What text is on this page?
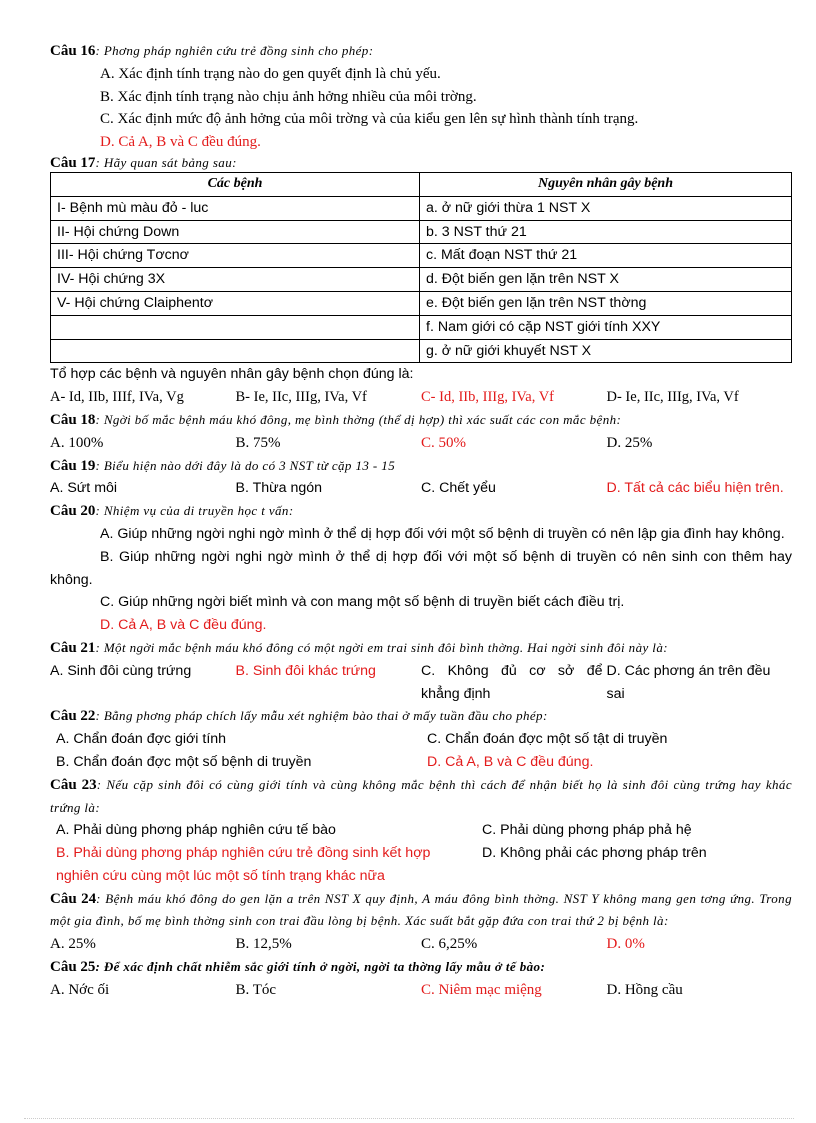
Câu 16: Phơng pháp nghiên cứu trẻ đồng sinh cho phép:
A. Xác định tính trạng nào do gen quyết định là chủ yếu.
B. Xác định tính trạng nào chịu ảnh hởng nhiều của môi trờng.
C. Xác định mức độ ảnh hởng của môi trờng và của kiểu gen lên sự hình thành tính trạng.
D. Cả A, B và C đều đúng.
Câu 17: Hãy quan sát bảng sau:
Các bệnh	Nguyên nhân gây bệnh
I- Bệnh mù màu đỏ - luc	a. ở nữ giới thừa 1 NST X
II- Hội chứng Down	b. 3 NST thứ 21
III- Hội chứng Tơcnơ	c. Mất đoạn NST thứ 21
IV- Hội chứng 3X	d. Đột biến gen lặn trên NST X
V- Hội chứng Claiphentơ	e. Đột biến gen lặn trên NST thờng
	f. Nam giới có cặp NST giới tính XXY
	g. ở nữ giới khuyết NST X
Tổ hợp các bệnh và nguyên nhân gây bệnh chọn đúng là:
A- Id, IIb, IIIf, IVa, Vg	B- Ie, IIc, IIIg, IVa, Vf	C- Id, IIb, IIIg, IVa, Vf	D- Ie, IIc, IIIg, IVa, Vf
Câu 18: Ngời bố mắc bệnh máu khó đông, mẹ bình thờng (thể dị hợp) thì xác suất các con mắc bệnh:
A. 100%	B. 75%	C. 50%	D. 25%
Câu 19: Biểu hiện nào dới đây là do có 3 NST từ cặp 13 - 15
A. Sứt môi	B. Thừa ngón	C. Chết yểu	D. Tất cả các biểu hiện trên.
Câu 20: Nhiệm vụ của di truyền học t vấn:
A. Giúp những ngời nghi ngờ mình ở thể dị hợp đối với một số bệnh di truyền có nên lập gia đình hay không.
B. Giúp những ngời nghi ngờ mình ở thể dị hợp đối với một số bệnh di truyền có nên sinh con thêm hay không.
C. Giúp những ngời biết mình và con mang một số bệnh di truyền biết cách điều trị.
D. Cả A, B và C đều đúng.
Câu 21: Một ngời mắc bệnh máu khó đông có một ngời em trai sinh đôi bình thờng. Hai ngời sinh đôi này là:
A. Sinh đôi cùng trứng	B. Sinh đôi khác trứng	C. Không đủ cơ sở để khẳng định
D. Các phơng án trên đều sai
Câu 22: Bằng phơng pháp chích lấy mẫu xét nghiệm bào thai ở mấy tuần đầu cho phép:
A. Chẩn đoán đợc giới tính	C. Chẩn đoán đợc một số tật di truyền
B. Chẩn đoán đợc một số bệnh di truyền	D. Cả A, B và C đều đúng.
Câu 23: Nếu cặp sinh đôi có cùng giới tính và cùng không mắc bệnh thì cách để nhận biết họ là sinh đôi cùng trứng hay khác trứng là:
A. Phải dùng phơng pháp nghiên cứu tế bào	C. Phải dùng phơng pháp phả hệ
B. Phải dùng phơng pháp nghiên cứu trẻ đồng sinh kết hợp nghiên cứu cùng một lúc một số tính trạng khác nữa
D. Không phải các phơng pháp trên
Câu 24: Bệnh máu khó đông do gen lặn a trên NST X quy định, A máu đông bình thờng. NST Y không mang gen tơng ứng. Trong một gia đình, bố mẹ bình thờng sinh con trai đầu lòng bị bệnh. Xác suất bắt gặp đứa con trai thứ 2 bị bệnh là:
A. 25%	B. 12,5%	C. 6,25%	D. 0%
Câu 25: Để xác định chất nhiễm sắc giới tính ở ngời, ngời ta thờng lấy mẫu ở tế bào:
A. Nớc ối	B. Tóc	C. Niêm mạc miệng	D. Hồng cầu
